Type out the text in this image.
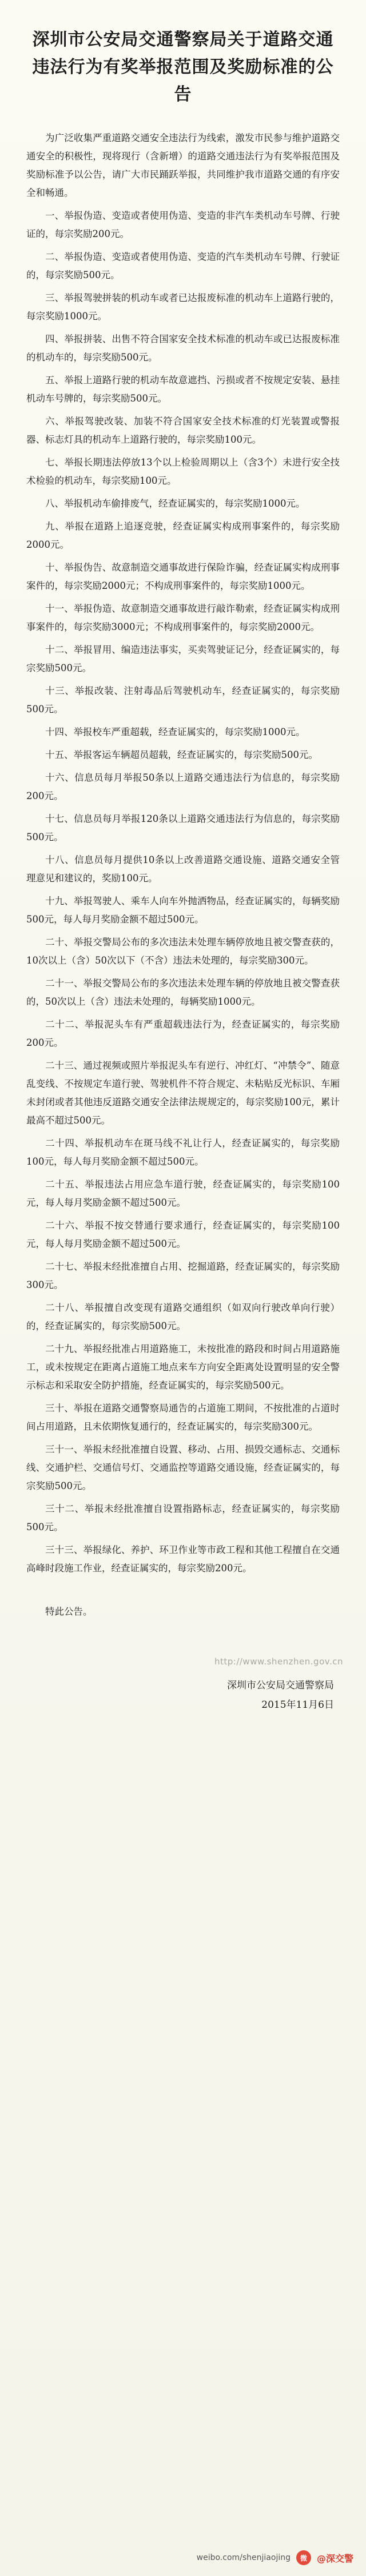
深圳市公安局交通警察局关于道路交通违法行为有奖举报范围及奖励标准的公告

为广泛收集严重道路交通安全违法行为线索，激发市民参与维护道路交通安全的积极性，现将现行（含新增）的道路交通违法行为有奖举报范围及奖励标准予以公告，请广大市民踊跃举报，共同维护我市道路交通的有序安全和畅通。

一、举报伪造、变造或者使用伪造、变造的非汽车类机动车号牌、行驶证的，每宗奖励200元。

二、举报伪造、变造或者使用伪造、变造的汽车类机动车号牌、行驶证的，每宗奖励500元。

三、举报驾驶拼装的机动车或者已达报废标准的机动车上道路行驶的，每宗奖励1000元。

四、举报拼装、出售不符合国家安全技术标准的机动车或已达报废标准的机动车的，每宗奖励500元。

五、举报上道路行驶的机动车故意遮挡、污损或者不按规定安装、悬挂机动车号牌的，每宗奖励500元。

六、举报驾驶改装、加装不符合国家安全技术标准的灯光装置或警报器、标志灯具的机动车上道路行驶的，每宗奖励100元。

七、举报长期违法停放13个以上检验周期以上（含3个）未进行安全技术检验的机动车，每宗奖励100元。

八、举报机动车偷排废气，经查证属实的，每宗奖励1000元。

九、举报在道路上追逐竞驶，经查证属实构成刑事案件的，每宗奖励2000元。

十、举报伪告、故意制造交通事故进行保险诈骗，经查证属实构成刑事案件的，每宗奖励2000元；不构成刑事案件的，每宗奖励1000元。

十一、举报伪造、故意制造交通事故进行敲诈勒索，经查证属实构成刑事案件的，每宗奖励3000元；不构成刑事案件的，每宗奖励2000元。

十二、举报冒用、编造违法事实，买卖驾驶证记分，经查证属实的，每宗奖励500元。

十三、举报改装、注射毒品后驾驶机动车，经查证属实的，每宗奖励500元。

十四、举报校车严重超载，经查证属实的，每宗奖励1000元。

十五、举报客运车辆超员超载，经查证属实的，每宗奖励500元。

十六、信息员每月举报50条以上道路交通违法行为信息的，每宗奖励200元。

十七、信息员每月举报120条以上道路交通违法行为信息的，每宗奖励500元。

十八、信息员每月提供10条以上改善道路交通设施、道路交通安全管理意见和建议的，奖励100元。

十九、举报驾驶人、乘车人向车外抛洒物品，经查证属实的，每辆奖励500元，每人每月奖励金额不超过500元。

二十、举报交警局公布的多次违法未处理车辆停放地且被交警查获的，10次以上（含）50次以下（不含）违法未处理的，每宗奖励300元。

二十一、举报交警局公布的多次违法未处理车辆的停放地且被交警查获的，50次以上（含）违法未处理的，每辆奖励1000元。

二十二、举报泥头车有严重超载违法行为，经查证属实的，每宗奖励200元。

二十三、通过视频或照片举报泥头车有逆行、冲红灯、“冲禁令”、随意乱变线、不按规定车道行驶、驾驶机件不符合规定、未粘贴反光标识、车厢未封闭或者其他违反道路交通安全法律法规规定的，每宗奖励100元，累计最高不超过500元。

二十四、举报机动车在斑马线不礼让行人，经查证属实的，每宗奖励100元，每人每月奖励金额不超过500元。

二十五、举报违法占用应急车道行驶，经查证属实的，每宗奖励100元，每人每月奖励金额不超过500元。

二十六、举报不按交替通行要求通行，经查证属实的，每宗奖励100元，每人每月奖励金额不超过500元。

二十七、举报未经批准擅自占用、挖掘道路，经查证属实的，每宗奖励300元。

二十八、举报擅自改变现有道路交通组织（如双向行驶改单向行驶）的，经查证属实的，每宗奖励500元。

二十九、举报经批准占用道路施工，未按批准的路段和时间占用道路施工，或未按规定在距离占道施工地点来车方向安全距离处设置明显的安全警示标志和采取安全防护措施，经查证属实的，每宗奖励500元。

三十、举报在道路交通警察局通告的占道施工期间，不按批准的占道时间占用道路，且未依期恢复通行的，经查证属实的，每宗奖励300元。

三十一、举报未经批准擅自设置、移动、占用、损毁交通标志、交通标线、交通护栏、交通信号灯、交通监控等道路交通设施，经查证属实的，每宗奖励500元。

三十二、举报未经批准擅自设置指路标志，经查证属实的，每宗奖励500元。

三十三、举报绿化、养护、环卫作业等市政工程和其他工程擅自在交通高峰时段施工作业，经查证属实的，每宗奖励200元。

特此公告。

深圳市公安局交通警察局
2015年11月6日
http://www.shenzhen.gov.cn
weibo.com/shenjiaojing	微	@深交警
